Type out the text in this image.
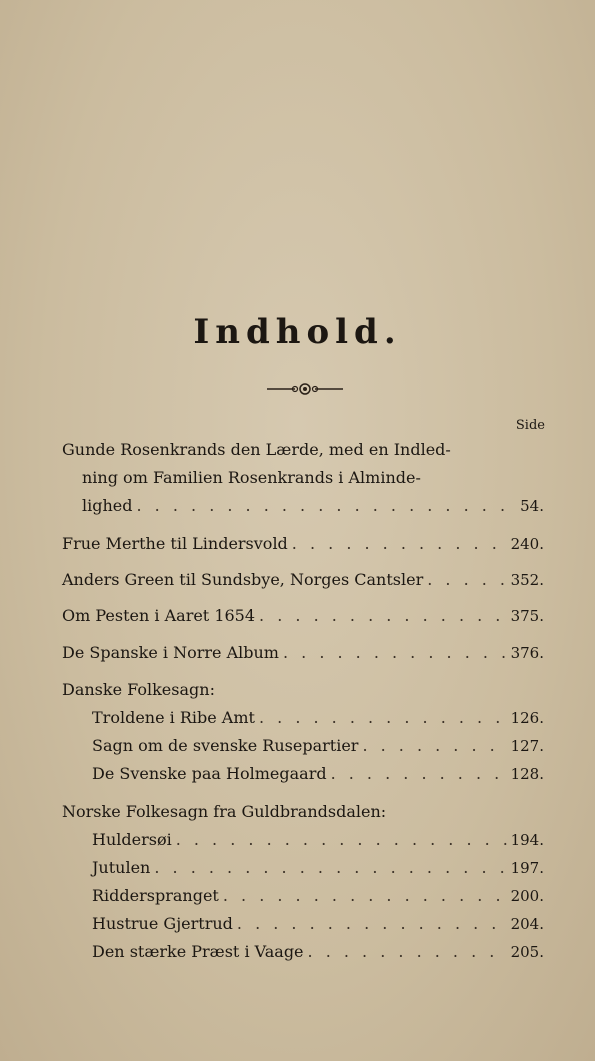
Indhold.
Side
Gunde Rosenkrands den Lærde, med en Indled-
ning om Familien Rosenkrands i Alminde-
lighed . . .	54.
Frue Merthe til Lindersvold . . .	240.
Anders Green til Sundsbye, Norges Cantsler . . .	352.
Om Pesten i Aaret 1654 . . .	375.
De Spanske i Norre Album . . .	376.
Danske Folkesagn:
Troldene i Ribe Amt . . .	126.
Sagn om de svenske Rusepartier . . .	127.
De Svenske paa Holmegaard . . .	128.
Norske Folkesagn fra Guldbrandsdalen:
Huldersøi . . .	194.
Jutulen . . .	197.
Ridderspranget . . .	200.
Hustrue Gjertrud . . .	204.
Den stærke Præst i Vaage . . .	205.
